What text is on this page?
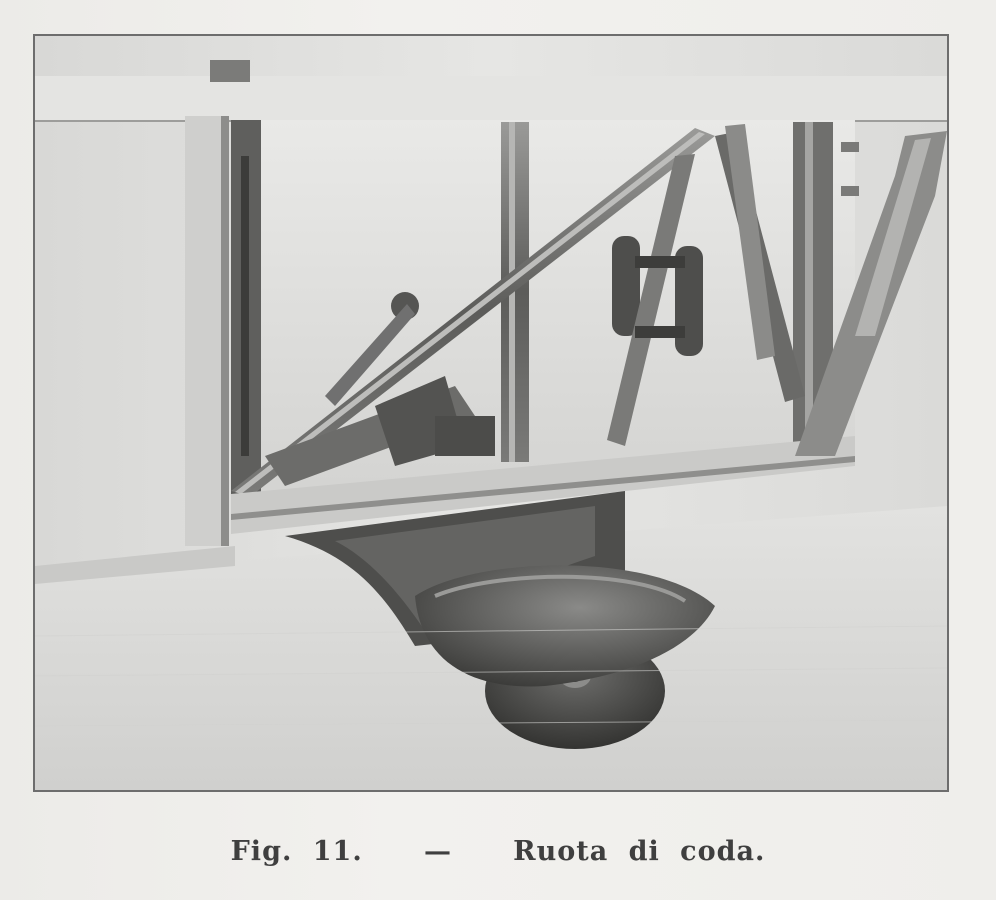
Fig. 11. — Ruota di coda.
